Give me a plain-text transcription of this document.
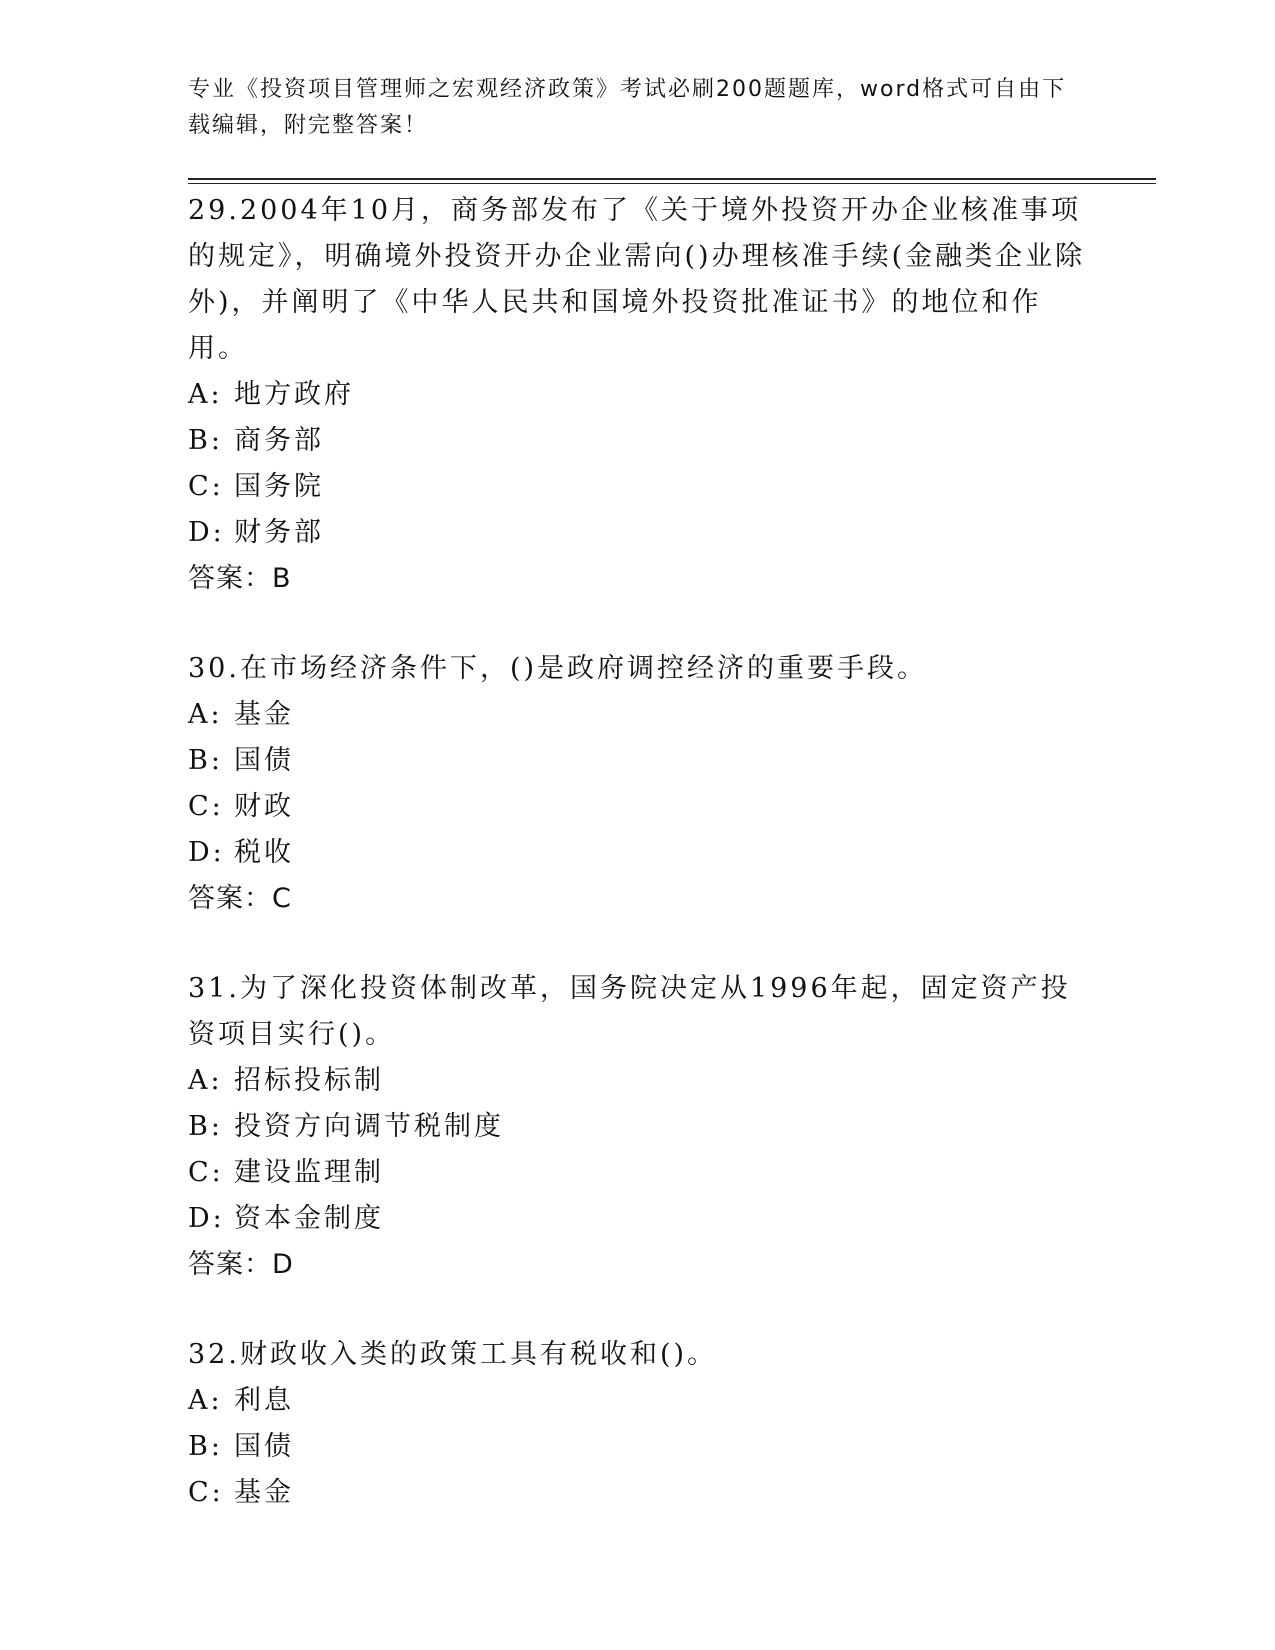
专业《投资项目管理师之宏观经济政策》考试必刷200题题库，word格式可自由下载编辑，附完整答案！

29.2004年10月，商务部发布了《关于境外投资开办企业核准事项的规定》，明确境外投资开办企业需向()办理核准手续(金融类企业除外)，并阐明了《中华人民共和国境外投资批准证书》的地位和作用。

A: 地方政府
B: 商务部
C: 国务院
D: 财务部
答案：B

30.在市场经济条件下，()是政府调控经济的重要手段。

A: 基金
B: 国债
C: 财政
D: 税收
答案：C

31.为了深化投资体制改革，国务院决定从1996年起，固定资产投资项目实行()。

A: 招标投标制
B: 投资方向调节税制度
C: 建设监理制
D: 资本金制度
答案：D

32.财政收入类的政策工具有税收和()。

A: 利息
B: 国债
C: 基金
